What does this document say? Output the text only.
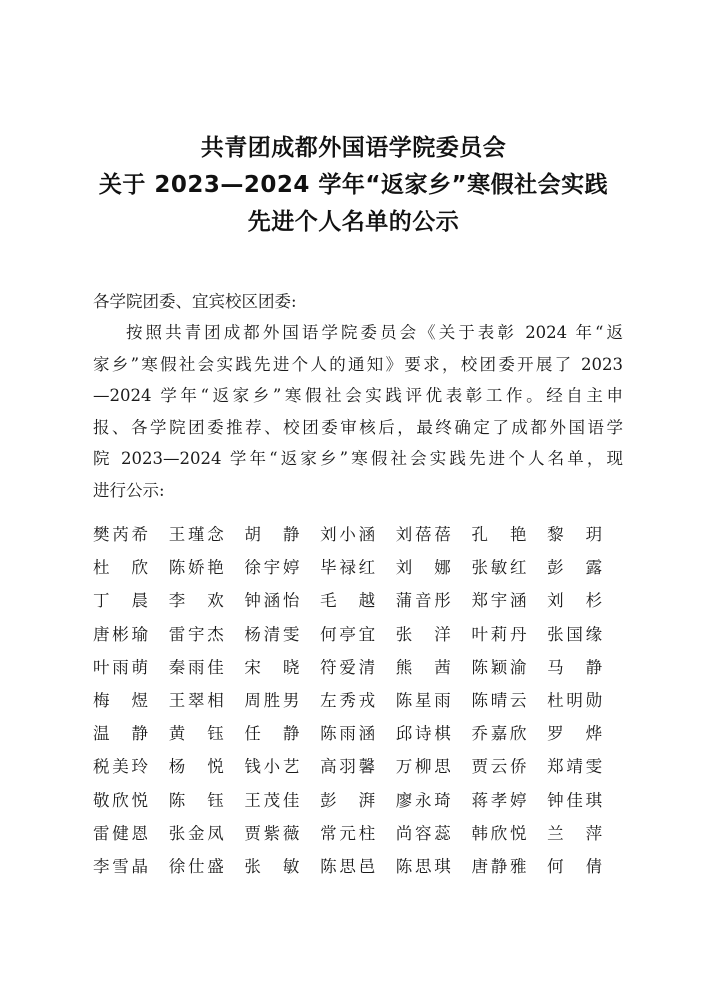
共青团成都外国语学院委员会
关于 2023—2024 学年“返家乡”寒假社会实践
先进个人名单的公示
各学院团委、宜宾校区团委:
按照共青团成都外国语学院委员会《关于表彰 2024 年“返
家乡”寒假社会实践先进个人的通知》要求，校团委开展了 2023
—2024 学年“返家乡”寒假社会实践评优表彰工作。经自主申
报、各学院团委推荐、校团委审核后，最终确定了成都外国语学
院 2023—2024 学年“返家乡”寒假社会实践先进个人名单，现
进行公示:
樊芮希 王瑾念 胡　静 刘小涵 刘蓓蓓 孔　艳 黎　玥
杜　欣 陈娇艳 徐宇婷 毕禄红 刘　娜 张敏红 彭　露
丁　晨 李　欢 钟涵怡 毛　越 蒲音彤 郑宇涵 刘　杉
唐彬瑜 雷宇杰 杨清雯 何亭宜 张　洋 叶莉丹 张国缘
叶雨萌 秦雨佳 宋　晓 符爱清 熊　茜 陈颖渝 马　静
梅　煜 王翠相 周胜男 左秀戎 陈星雨 陈晴云 杜明勋
温　静 黄　钰 任　静 陈雨涵 邱诗棋 乔嘉欣 罗　烨
税美玲 杨　悦 钱小艺 高羽馨 万柳思 贾云侨 郑靖雯
敬欣悦 陈　钰 王茂佳 彭　湃 廖永琦 蒋孝婷 钟佳琪
雷健恩 张金凤 贾紫薇 常元柱 尚容蕊 韩欣悦 兰　萍
李雪晶 徐仕盛 张　敏 陈思邑 陈思琪 唐静雅 何　倩
